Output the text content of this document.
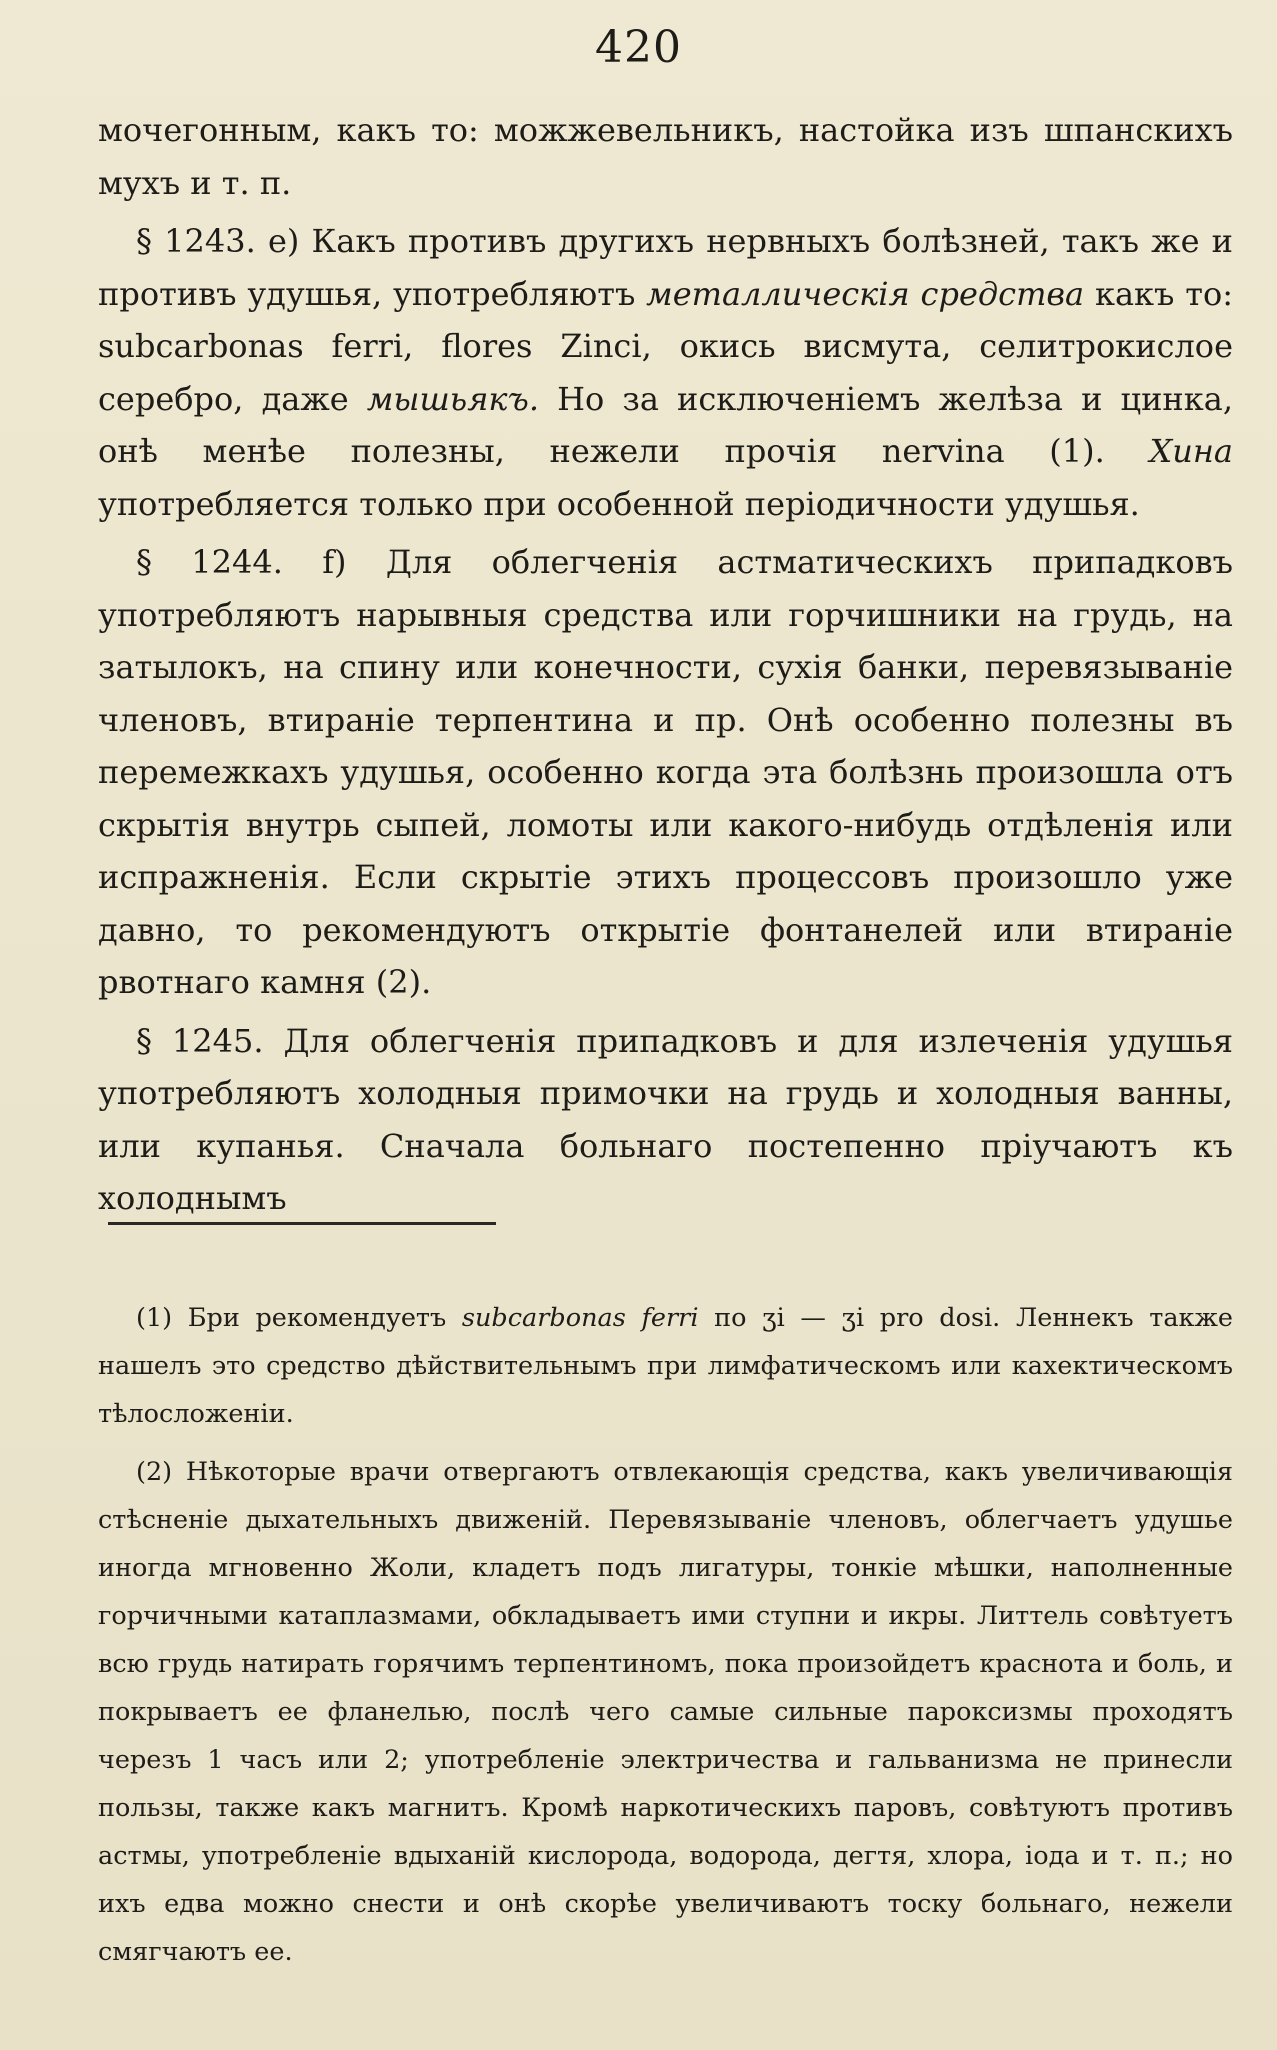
420

мочегонным, какъ то: можжевельникъ, настойка изъ шпанскихъ мухъ и т. п.

§ 1243. е) Какъ противъ другихъ нервныхъ болѣзней, такъ же и противъ удушья, употребляютъ металлическія средства какъ то: subcarbonas ferri, flores Zinci, окись висмута, селитрокислое серебро, даже мышьякъ. Но за исключеніемъ желѣза и цинка, онѣ менѣе полезны, нежели прочія nervina (1). Хина употребляется только при особенной періодичности удушья.

§ 1244. f) Для облегченія астматическихъ припадковъ употребляютъ нарывныя средства или горчишники на грудь, на затылокъ, на спину или конечности, сухія банки, перевязываніе членовъ, втираніе терпентина и пр. Онѣ особенно полезны въ перемежкахъ удушья, особенно когда эта болѣзнь произошла отъ скрытія внутрь сыпей, ломоты или какого-нибудь отдѣленія или испражненія. Если скрытіе этихъ процессовъ произошло уже давно, то рекомендуютъ открытіе фонтанелей или втираніе рвотнаго камня (2).

§ 1245. Для облегченія припадковъ и для излеченія удушья употребляютъ холодныя примочки на грудь и холодныя ванны, или купанья. Сначала больнаго постепенно пріучаютъ къ холоднымъ

(1) Бри рекомендуетъ subcarbonas ferri по ʒi — ʒi pro dosi. Леннекъ также нашелъ это средство дѣйствительнымъ при лимфатическомъ или кахектическомъ тѣлосложеніи.

(2) Нѣкоторые врачи отвергаютъ отвлекающія средства, какъ увеличивающія стѣсненіе дыхательныхъ движеній. Перевязываніе членовъ, облегчаетъ удушье иногда мгновенно Жоли, кладетъ подъ лигатуры, тонкіе мѣшки, наполненные горчичными катаплазмами, обкладываетъ ими ступни и икры. Литтель совѣтуетъ всю грудь натирать горячимъ терпентиномъ, пока произойдетъ краснота и боль, и покрываетъ ее фланелью, послѣ чего самые сильные пароксизмы проходятъ черезъ 1 часъ или 2; употребленіе электричества и гальванизма не принесли пользы, также какъ магнитъ. Кромѣ наркотическихъ паровъ, совѣтуютъ противъ астмы, употребленіе вдыханій кислорода, водорода, дегтя, хлора, іода и т. п.; но ихъ едва можно снести и онѣ скорѣе увеличиваютъ тоску больнаго, нежели смягчаютъ ее.
